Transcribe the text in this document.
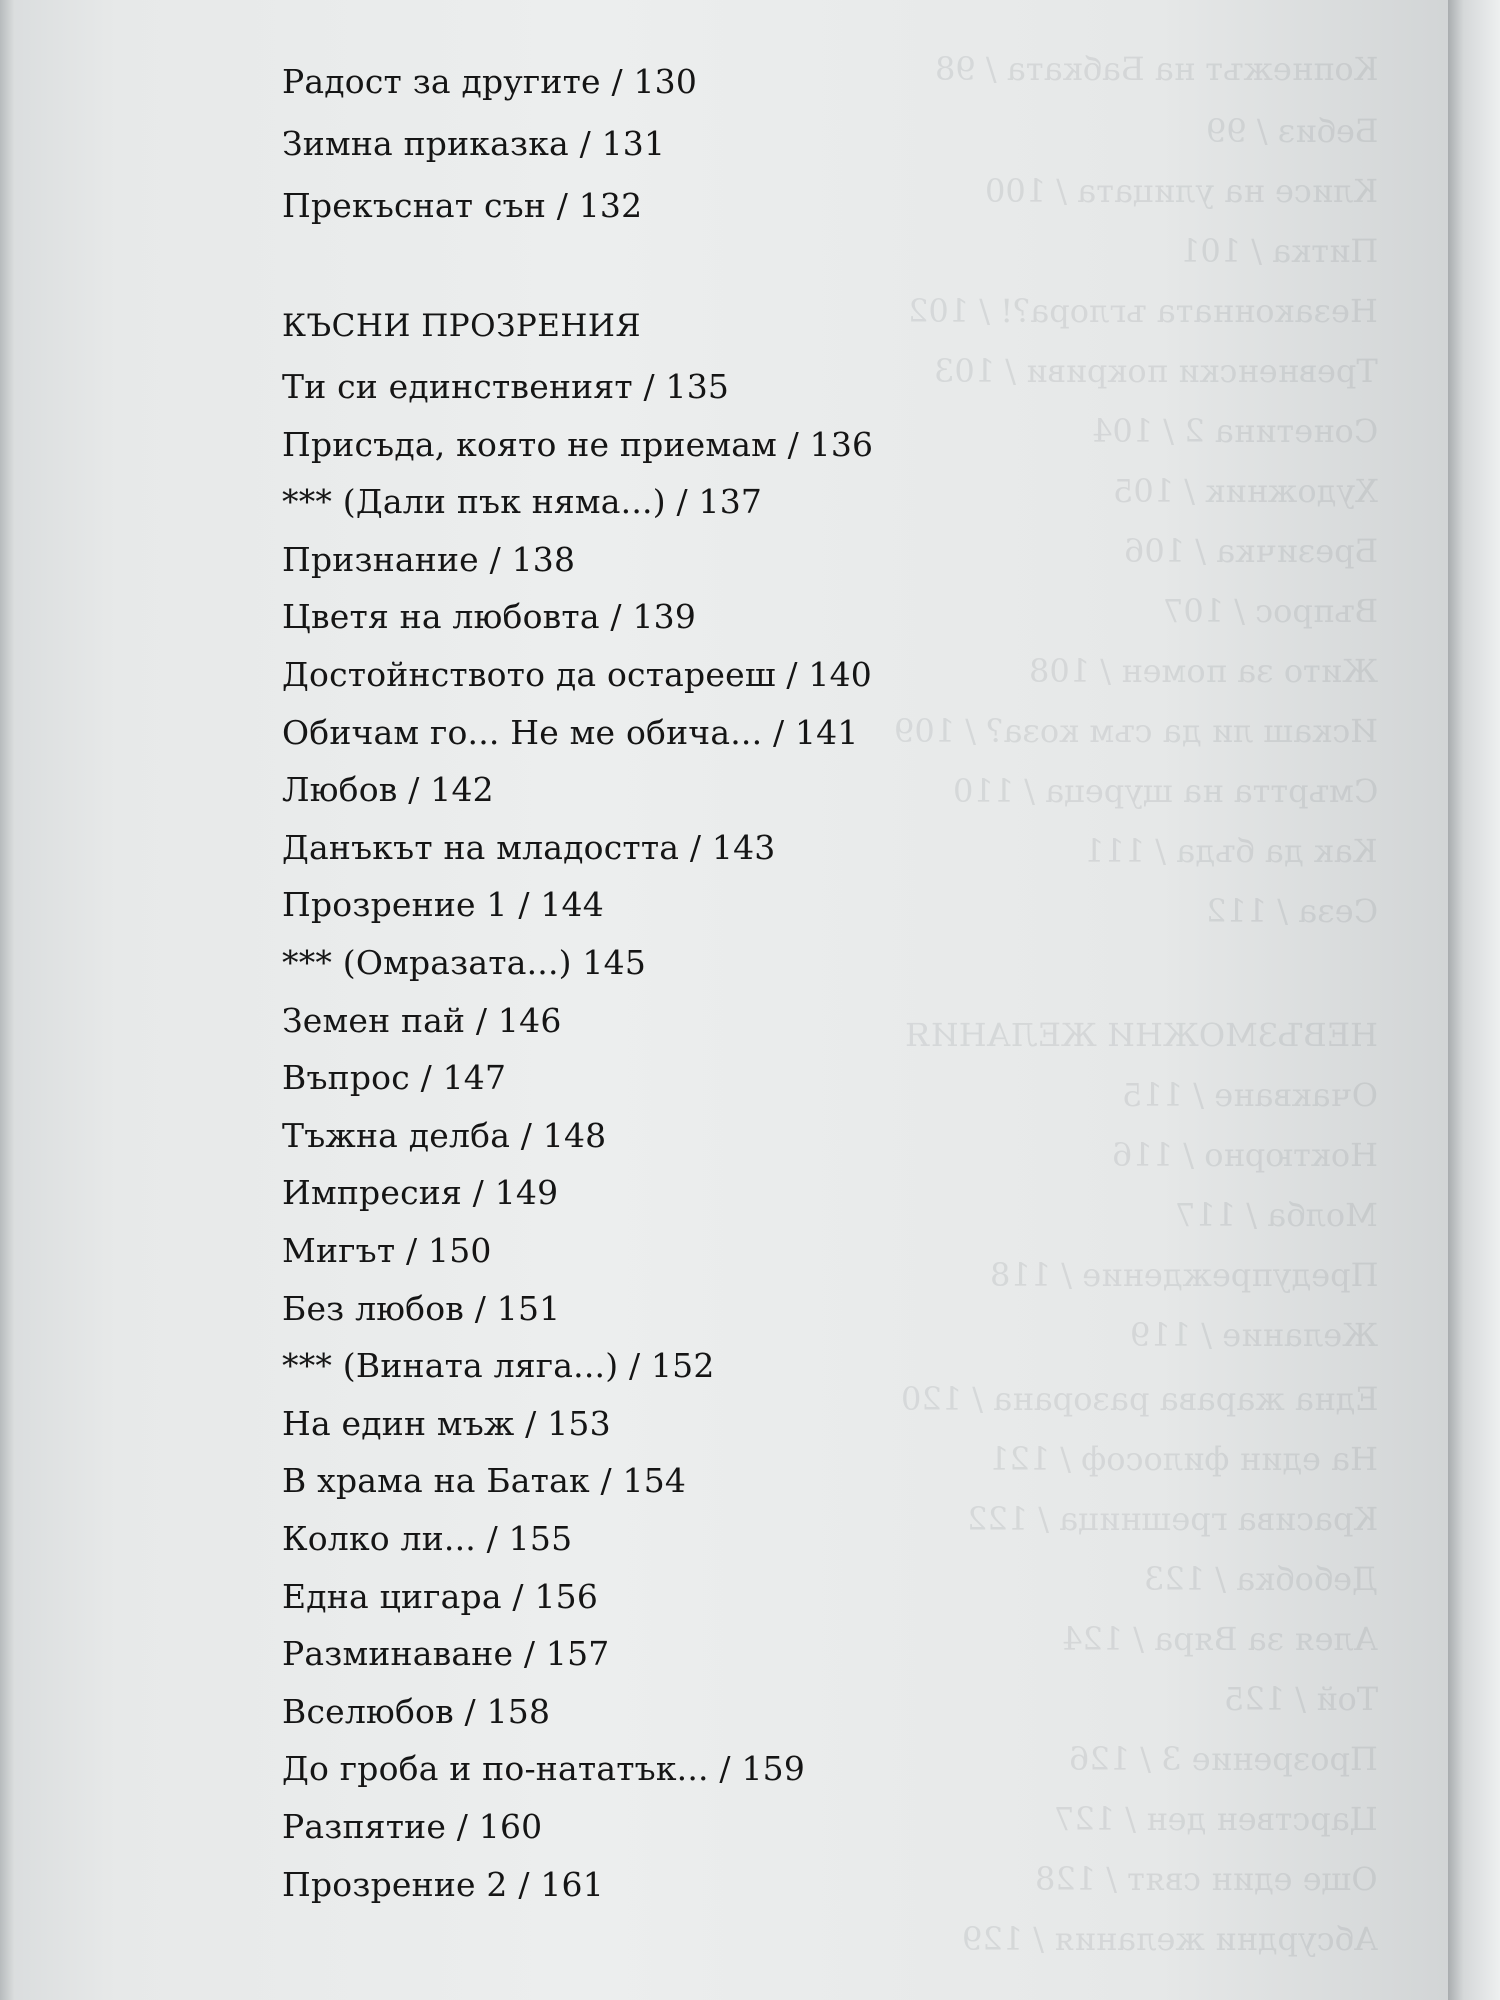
Копнежът на Бабката / 98
Бебиз / 99
Клисе на улицата / 100
Питка / 101
Незаконната ъглopa?! / 102
Тревненски покриви / 103
Сонетина 2 / 104
Художник / 105
Брезичка / 106
Въпрос / 107
Жито за помен / 108
Искаш ли да съм коза? / 109
Смъртта на щуреца / 110
Как да бъда / 111
Сеза / 112
НЕВЪЗМОЖНИ ЖЕЛАНИЯ
Очакване / 115
Ноктюрно / 116
Молба / 117
Предупреждение / 118
Желание / 119
Една жарава разорана / 120
На един философ / 121
Красива грешница / 122
Дебобка / 123
Алея за Вяра / 124
Той / 125
Прозрение 3 / 126
Царствен ден / 127
Още един свят / 128
Абсурдни желания / 129
Радост за другите / 130
Зимна приказка / 131
Прекъснат сън / 132
КЪСНИ ПРОЗРЕНИЯ
Ти си единственият / 135
Присъда, която не приемам / 136
*** (Дали пък няма...) / 137
Признание / 138
Цветя на любовта / 139
Достойнството да остарееш / 140
Обичам го... Не ме обича... / 141
Любов / 142
Данъкът на младостта / 143
Прозрение 1 / 144
*** (Омразата...) 145
Земен пай / 146
Въпрос / 147
Тъжна делба / 148
Импресия / 149
Мигът / 150
Без любов / 151
*** (Вината ляга...) / 152
На един мъж / 153
В храма на Батак / 154
Колко ли... / 155
Една цигара / 156
Разминаване / 157
Вселюбов / 158
До гроба и по-нататък... / 159
Разпятие / 160
Прозрение 2 / 161
